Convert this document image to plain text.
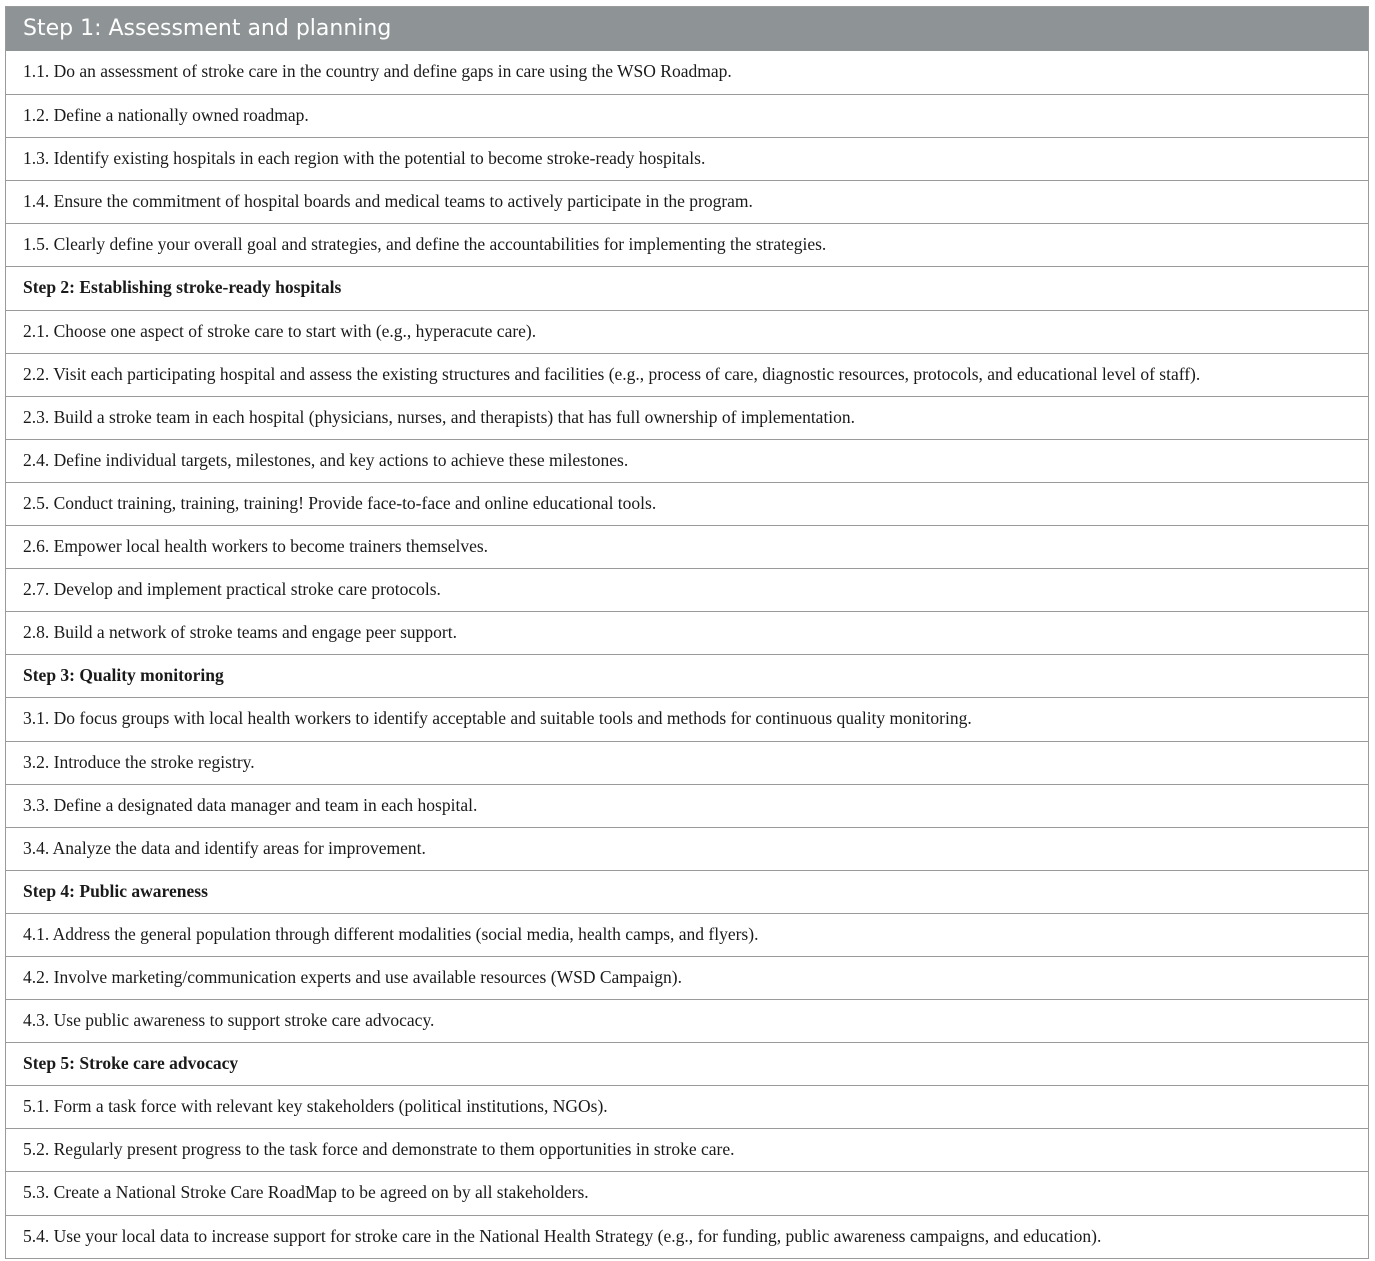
Step 1: Assessment and planning
1.1. Do an assessment of stroke care in the country and define gaps in care using the WSO Roadmap.
1.2. Define a nationally owned roadmap.
1.3. Identify existing hospitals in each region with the potential to become stroke-ready hospitals.
1.4. Ensure the commitment of hospital boards and medical teams to actively participate in the program.
1.5. Clearly define your overall goal and strategies, and define the accountabilities for implementing the strategies.
Step 2: Establishing stroke-ready hospitals
2.1. Choose one aspect of stroke care to start with (e.g., hyperacute care).
2.2. Visit each participating hospital and assess the existing structures and facilities (e.g., process of care, diagnostic resources, protocols, and educational level of staff).
2.3. Build a stroke team in each hospital (physicians, nurses, and therapists) that has full ownership of implementation.
2.4. Define individual targets, milestones, and key actions to achieve these milestones.
2.5. Conduct training, training, training! Provide face-to-face and online educational tools.
2.6. Empower local health workers to become trainers themselves.
2.7. Develop and implement practical stroke care protocols.
2.8. Build a network of stroke teams and engage peer support.
Step 3: Quality monitoring
3.1. Do focus groups with local health workers to identify acceptable and suitable tools and methods for continuous quality monitoring.
3.2. Introduce the stroke registry.
3.3. Define a designated data manager and team in each hospital.
3.4. Analyze the data and identify areas for improvement.
Step 4: Public awareness
4.1. Address the general population through different modalities (social media, health camps, and flyers).
4.2. Involve marketing/communication experts and use available resources (WSD Campaign).
4.3. Use public awareness to support stroke care advocacy.
Step 5: Stroke care advocacy
5.1. Form a task force with relevant key stakeholders (political institutions, NGOs).
5.2. Regularly present progress to the task force and demonstrate to them opportunities in stroke care.
5.3. Create a National Stroke Care RoadMap to be agreed on by all stakeholders.
5.4. Use your local data to increase support for stroke care in the National Health Strategy (e.g., for funding, public awareness campaigns, and education).
